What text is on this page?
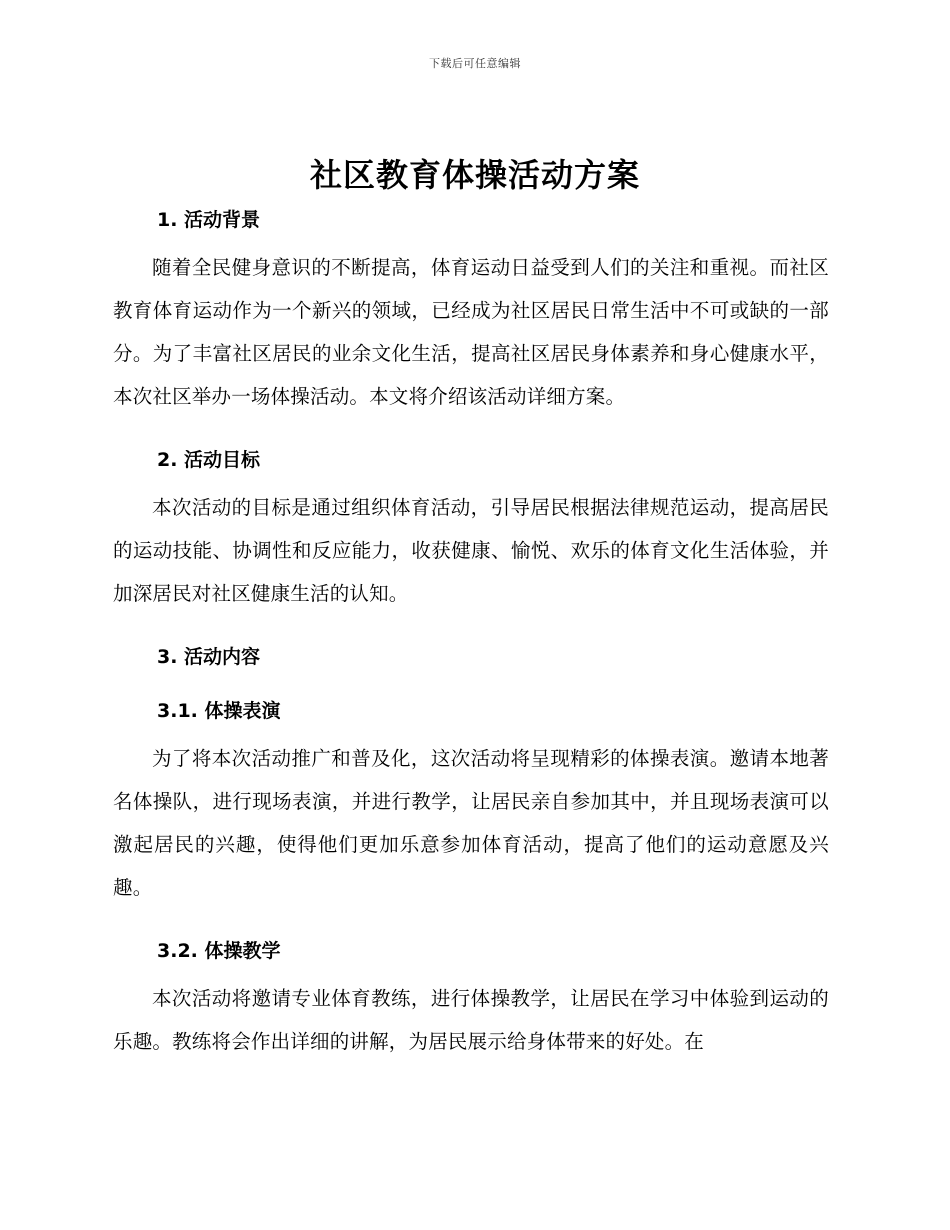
下载后可任意编辑
社区教育体操活动方案
1. 活动背景

随着全民健身意识的不断提高，体育运动日益受到人们的关注和重视。而社区教育体育运动作为一个新兴的领域，已经成为社区居民日常生活中不可或缺的一部分。为了丰富社区居民的业余文化生活，提高社区居民身体素养和身心健康水平，本次社区举办一场体操活动。本文将介绍该活动详细方案。

2. 活动目标

本次活动的目标是通过组织体育活动，引导居民根据法律规范运动，提高居民的运动技能、协调性和反应能力，收获健康、愉悦、欢乐的体育文化生活体验，并加深居民对社区健康生活的认知。

3. 活动内容
3.1. 体操表演

为了将本次活动推广和普及化，这次活动将呈现精彩的体操表演。邀请本地著名体操队，进行现场表演，并进行教学，让居民亲自参加其中，并且现场表演可以激起居民的兴趣，使得他们更加乐意参加体育活动，提高了他们的运动意愿及兴趣。

3.2. 体操教学

本次活动将邀请专业体育教练，进行体操教学，让居民在学习中体验到运动的乐趣。教练将会作出详细的讲解，为居民展示给身体带来的好处。在
